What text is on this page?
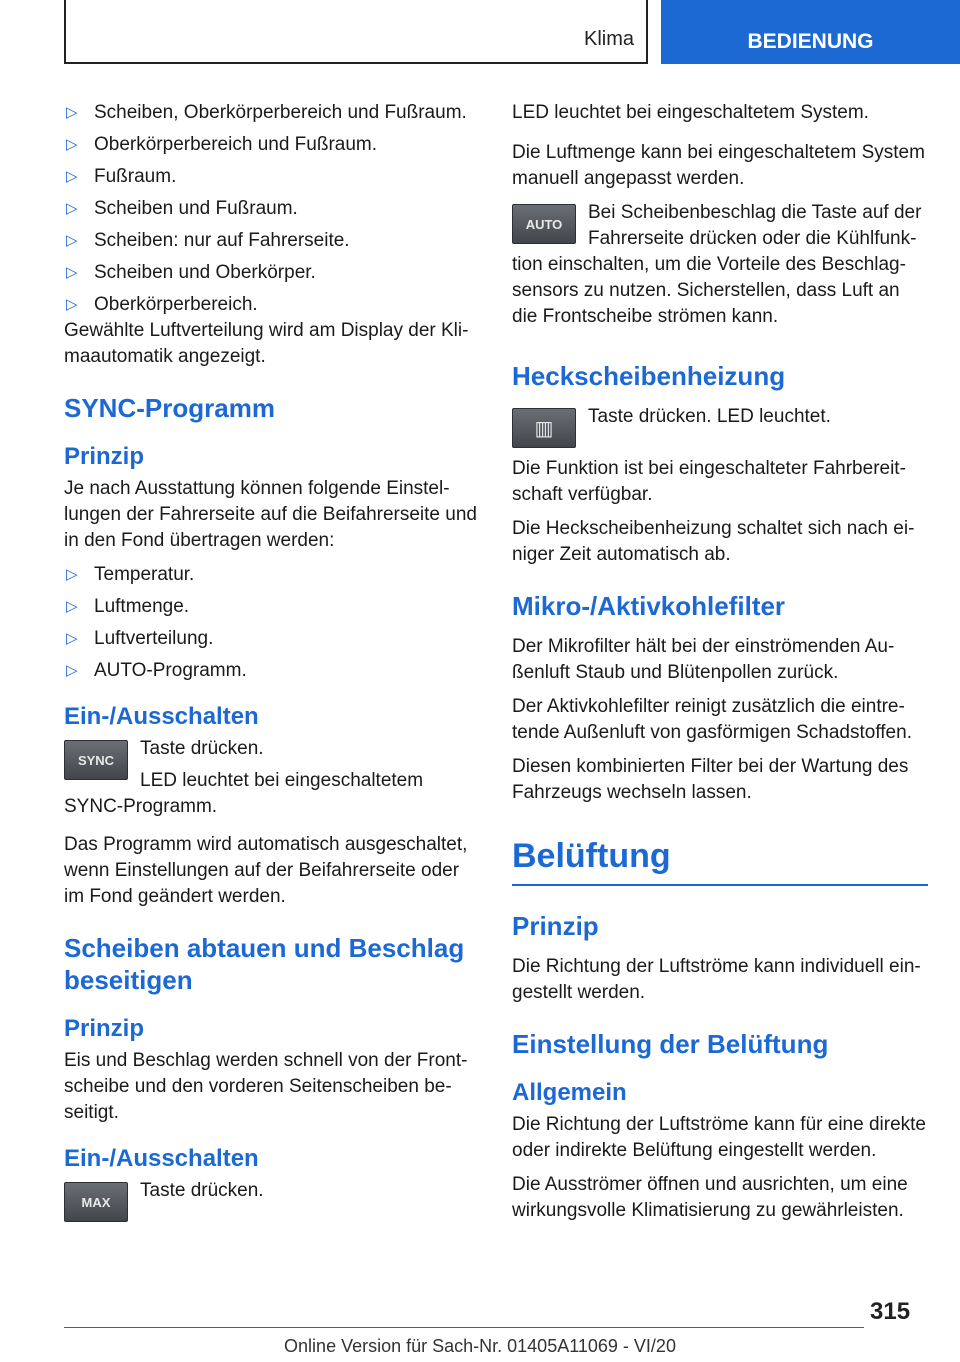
Klima	BEDIENUNG
▷ Scheiben, Oberkörperbereich und Fußraum.
▷ Oberkörperbereich und Fußraum.
▷ Fußraum.
▷ Scheiben und Fußraum.
▷ Scheiben: nur auf Fahrerseite.
▷ Scheiben und Oberkörper.
▷ Oberkörperbereich.

Gewählte Luftverteilung wird am Display der Klimaautomatik angezeigt.

SYNC-Programm
Prinzip

Je nach Ausstattung können folgende Einstellungen der Fahrerseite auf die Beifahrerseite und in den Fond übertragen werden:

▷ Temperatur.
▷ Luftmenge.
▷ Luftverteilung.
▷ AUTO-Programm.
Ein-/Ausschalten
SYNC

Taste drücken.

LED leuchtet bei eingeschaltetem SYNC-Programm.

Das Programm wird automatisch ausgeschaltet, wenn Einstellungen auf der Beifahrerseite oder im Fond geändert werden.

Scheiben abtauen und Beschlag beseitigen
Prinzip

Eis und Beschlag werden schnell von der Frontscheibe und den vorderen Seitenscheiben beseitigt.

Ein-/Ausschalten
MAX

Taste drücken.

LED leuchtet bei eingeschaltetem System.

Die Luftmenge kann bei eingeschaltetem System manuell angepasst werden.

AUTO

Bei Scheibenbeschlag die Taste auf der Fahrerseite drücken oder die Kühlfunktion einschalten, um die Vorteile des Beschlagsensors zu nutzen. Sicherstellen, dass Luft an die Frontscheibe strömen kann.

Heckscheibenheizung
▥

Taste drücken. LED leuchtet.

Die Funktion ist bei eingeschalteter Fahrbereitschaft verfügbar.

Die Heckscheibenheizung schaltet sich nach einiger Zeit automatisch ab.

Mikro-/Aktivkohlefilter

Der Mikrofilter hält bei der einströmenden Außenluft Staub und Blütenpollen zurück.

Der Aktivkohlefilter reinigt zusätzlich die eintretende Außenluft von gasförmigen Schadstoffen.

Diesen kombinierten Filter bei der Wartung des Fahrzeugs wechseln lassen.

Belüftung
Prinzip

Die Richtung der Luftströme kann individuell eingestellt werden.

Einstellung der Belüftung
Allgemein

Die Richtung der Luftströme kann für eine direkte oder indirekte Belüftung eingestellt werden.

Die Ausströmer öffnen und ausrichten, um eine wirkungsvolle Klimatisierung zu gewährleisten.

315
Online Version für Sach-Nr. 01405A11069 - VI/20
